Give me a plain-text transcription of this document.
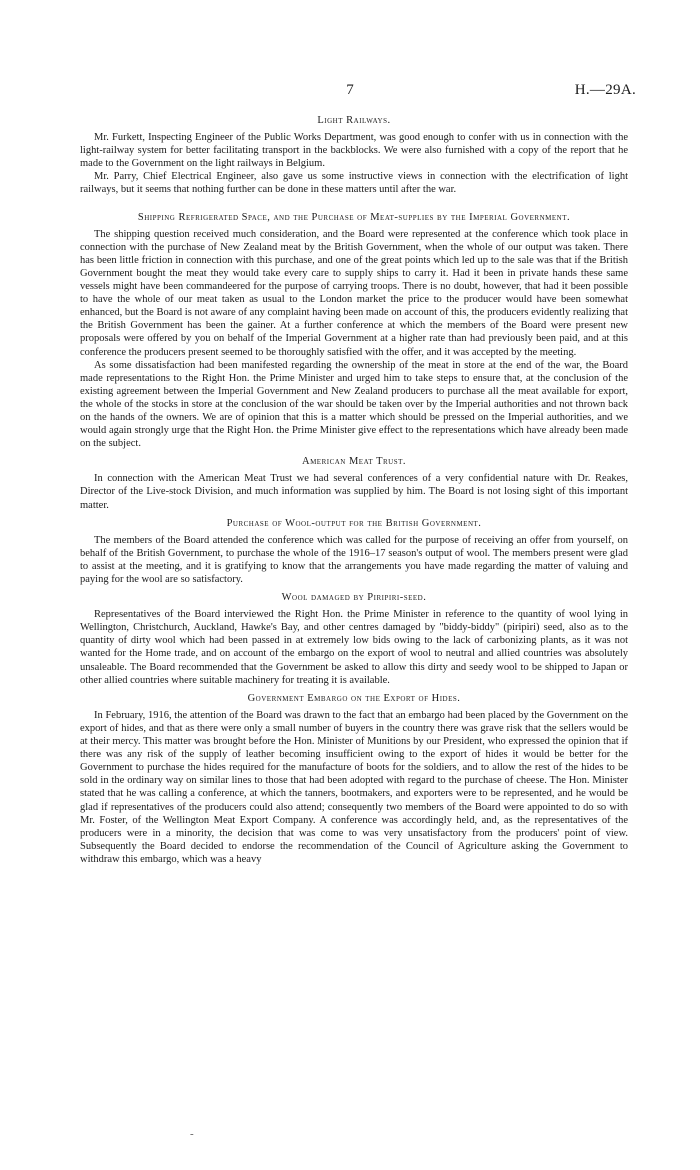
7	H.—29A.
Light Railways.

Mr. Furkett, Inspecting Engineer of the Public Works Department, was good enough to confer with us in connection with the light-railway system for better facilitating transport in the backblocks. We were also furnished with a copy of the report that he made to the Government on the light railways in Belgium.

Mr. Parry, Chief Electrical Engineer, also gave us some instructive views in connection with the electrification of light railways, but it seems that nothing further can be done in these matters until after the war.

Shipping Refrigerated Space, and the Purchase of Meat-supplies by the Imperial Government.

The shipping question received much consideration, and the Board were represented at the conference which took place in connection with the purchase of New Zealand meat by the British Government, when the whole of our output was taken. There has been little friction in connection with this purchase, and one of the great points which led up to the sale was that if the British Government bought the meat they would take every care to supply ships to carry it. Had it been in private hands these same vessels might have been commandeered for the purpose of carrying troops. There is no doubt, however, that had it been possible to have the whole of our meat taken as usual to the London market the price to the producer would have been somewhat enhanced, but the Board is not aware of any complaint having been made on account of this, the producers evidently realizing that the British Government has been the gainer. At a further conference at which the members of the Board were present new proposals were offered by you on behalf of the Imperial Government at a higher rate than had previously been paid, and at this conference the producers present seemed to be thoroughly satisfied with the offer, and it was accepted by the meeting.

As some dissatisfaction had been manifested regarding the ownership of the meat in store at the end of the war, the Board made representations to the Right Hon. the Prime Minister and urged him to take steps to ensure that, at the conclusion of the existing agreement between the Imperial Government and New Zealand producers to purchase all the meat available for export, the whole of the stocks in store at the conclusion of the war should be taken over by the Imperial authorities and not thrown back on the hands of the owners. We are of opinion that this is a matter which should be pressed on the Imperial authorities, and we would again strongly urge that the Right Hon. the Prime Minister give effect to the representations which have already been made on the subject.

American Meat Trust.

In connection with the American Meat Trust we had several conferences of a very confidential nature with Dr. Reakes, Director of the Live-stock Division, and much information was supplied by him. The Board is not losing sight of this important matter.

Purchase of Wool-output for the British Government.

The members of the Board attended the conference which was called for the purpose of receiving an offer from yourself, on behalf of the British Government, to purchase the whole of the 1916–17 season's output of wool. The members present were glad to assist at the meeting, and it is gratifying to know that the arrangements you have made regarding the matter of valuing and paying for the wool are so satisfactory.

Wool damaged by Piripiri-seed.

Representatives of the Board interviewed the Right Hon. the Prime Minister in reference to the quantity of wool lying in Wellington, Christchurch, Auckland, Hawke's Bay, and other centres damaged by "biddy-biddy" (piripiri) seed, also as to the quantity of dirty wool which had been passed in at extremely low bids owing to the lack of carbonizing plants, as it was not wanted for the Home trade, and on account of the embargo on the export of wool to neutral and allied countries was absolutely unsaleable. The Board recommended that the Government be asked to allow this dirty and seedy wool to be shipped to Japan or other allied countries where suitable machinery for treating it is available.

Government Embargo on the Export of Hides.

In February, 1916, the attention of the Board was drawn to the fact that an embargo had been placed by the Government on the export of hides, and that as there were only a small number of buyers in the country there was grave risk that the sellers would be at their mercy. This matter was brought before the Hon. Minister of Munitions by our President, who expressed the opinion that if there was any risk of the supply of leather becoming insufficient owing to the export of hides it would be better for the Government to purchase the hides required for the manufacture of boots for the soldiers, and to allow the rest of the hides to be sold in the ordinary way on similar lines to those that had been adopted with regard to the purchase of cheese. The Hon. Minister stated that he was calling a conference, at which the tanners, bootmakers, and exporters were to be represented, and he would be glad if representatives of the producers could also attend; consequently two members of the Board were appointed to do so with Mr. Foster, of the Wellington Meat Export Company. A conference was accordingly held, and, as the representatives of the producers were in a minority, the decision that was come to was very unsatisfactory from the producers' point of view. Subsequently the Board decided to endorse the recommendation of the Council of Agriculture asking the Government to withdraw this embargo, which was a heavy

-
